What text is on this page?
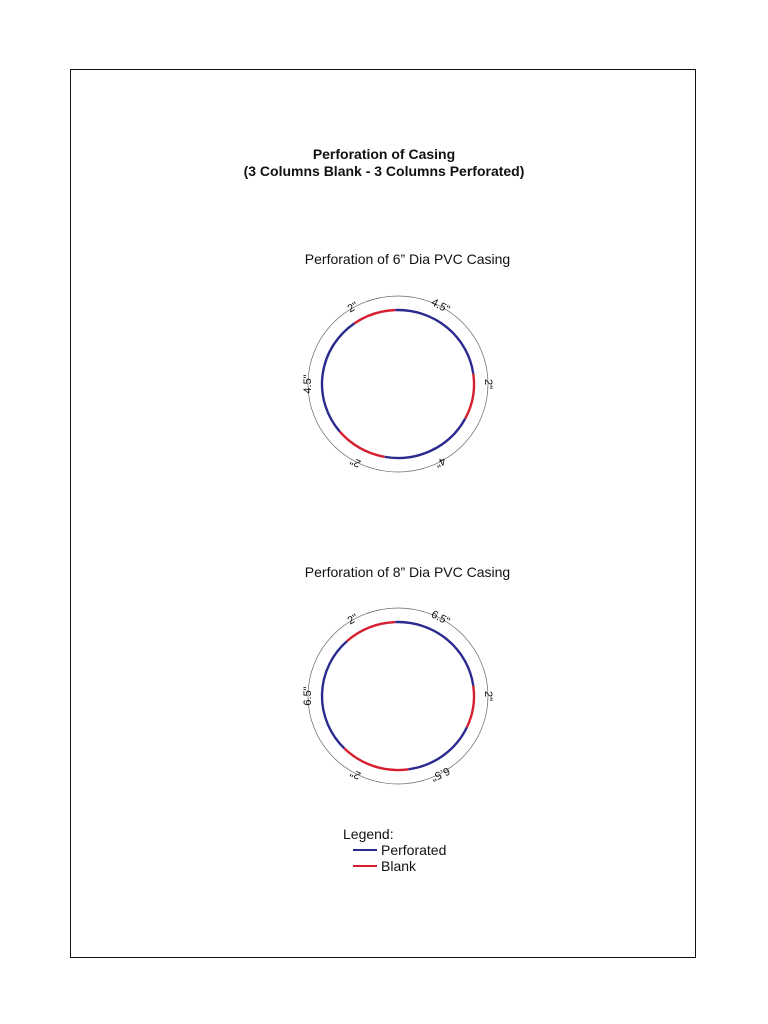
Perforation of Casing
(3 Columns Blank - 3 Columns Perforated)
Perforation of 6” Dia PVC Casing
Perforation of 8” Dia PVC Casing
4.5"
2"
2"
4.5"
2"	4"
6.5"
2"
2"
6.5"
2"	6.5"
Legend:
Perforated
Blank
